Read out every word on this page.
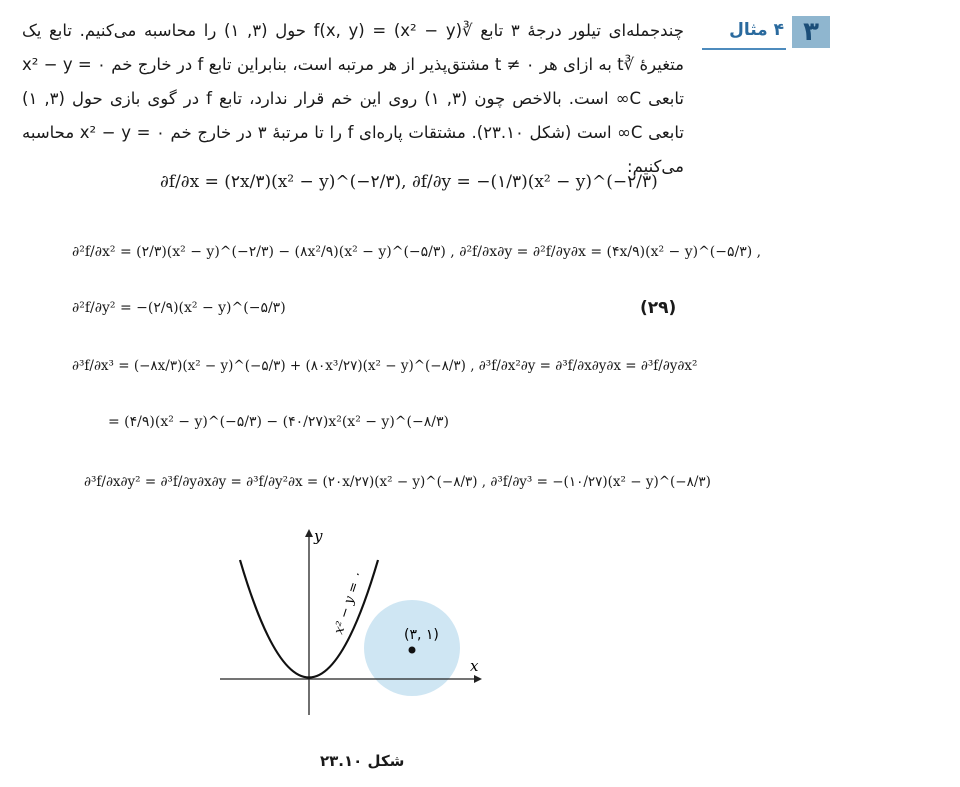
۳
۴ مثال
چندجمله‌ای تیلور درجهٔ ۳ تابع ∛(x² − y) = f(x, y) حول (۳, ۱) را محاسبه می‌کنیم. تابع یک متغیرهٔ ∛t به ازای هر t ≠ ۰ مشتق‌پذیر از هر مرتبه است، بنابراین تابع f در خارج خم x² − y = ۰ تابعی C∞ است. بالاخص چون (۳, ۱) روی این خم قرار ندارد، تابع f در گوی بازی حول (۳, ۱) تابعی C∞ است (شکل ۲۳.۱۰). مشتقات پاره‌ای f را تا مرتبهٔ ۳ در خارج خم x² − y = ۰ محاسبه می‌کنیم:
∂f/∂x = (۲x/۳)(x² − y)^(−۲/۳), ∂f/∂y = −(۱/۳)(x² − y)^(−۲/۳)
∂²f/∂x² = (۲/۳)(x² − y)^(−۲/۳) − (۸x²/۹)(x² − y)^(−۵/۳) , ∂²f/∂x∂y = ∂²f/∂y∂x = (۴x/۹)(x² − y)^(−۵/۳) ,
∂²f/∂y² = −(۲/۹)(x² − y)^(−۵/۳)	(۲۹)
∂³f/∂x³ = (−۸x/۳)(x² − y)^(−۵/۳) + (۸۰x³/۲۷)(x² − y)^(−۸/۳) , ∂³f/∂x²∂y = ∂³f/∂x∂y∂x = ∂³f/∂y∂x²
= (۴/۹)(x² − y)^(−۵/۳) − (۴۰/۲۷)x²(x² − y)^(−۸/۳)
∂³f/∂x∂y² = ∂³f/∂y∂x∂y = ∂³f/∂y²∂x = (۲۰x/۲۷)(x² − y)^(−۸/۳) , ∂³f/∂y³ = −(۱۰/۲۷)(x² − y)^(−۸/۳)
y
x
x² − y = ۰	(۳, ۱)
شکل ۲۳.۱۰
